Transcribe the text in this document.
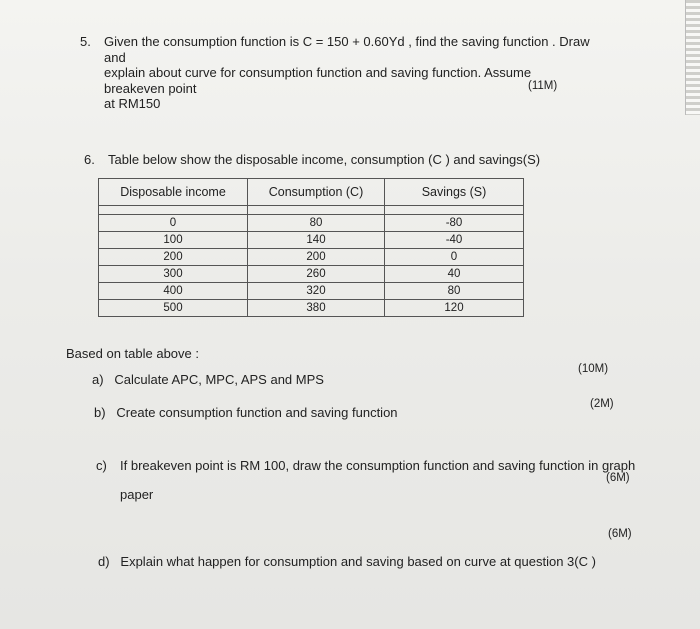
5. Given the consumption function is C = 150 + 0.60Yd , find the saving function . Draw and
explain about curve for consumption function and saving function. Assume breakeven point
at RM150
(11M)
6. Table below show the disposable income, consumption (C ) and savings(S)
Disposable income	Consumption (C)	Savings (S)

0	80	-80
100	140	-40
200	200	0
300	260	40
400	320	80
500	380	120
Based on table above :
a) Calculate APC, MPC, APS and MPS
(10M)
b) Create consumption function and saving function
(2M)
c) If breakeven point is RM 100, draw the consumption function and saving function in graph
paper
(6M)
d) Explain what happen for consumption and saving based on curve at question 3(C )
(6M)
